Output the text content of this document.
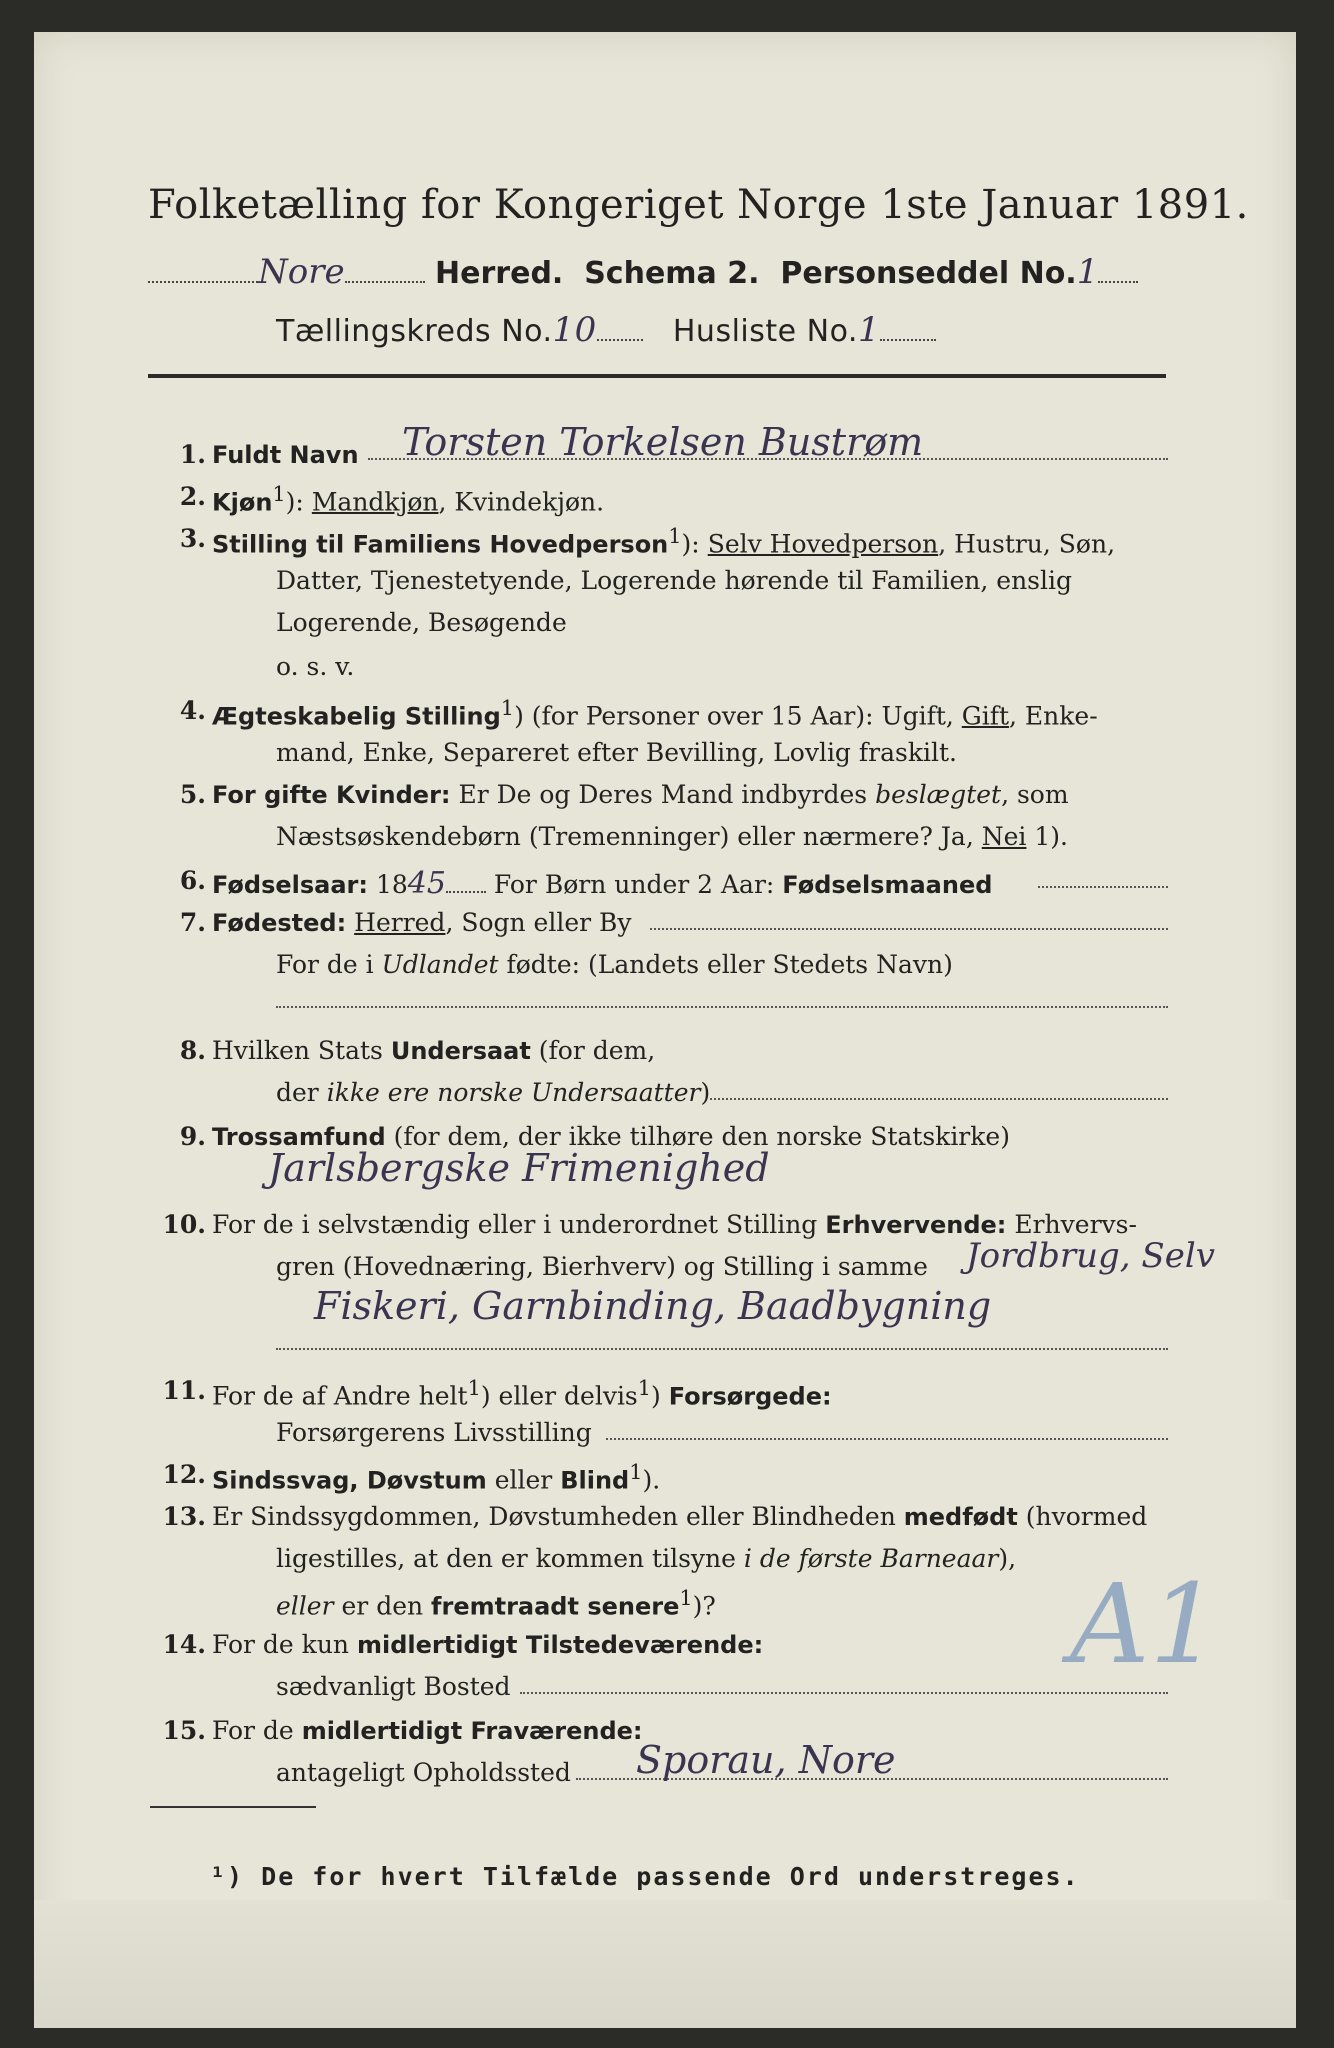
Folketælling for Kongeriget Norge 1ste Januar 1891.
Nore	Herred. Schema 2. Personseddel No.1
Tællingskreds No.10	Husliste No.1
1. Fuldt Navn Torsten Torkelsen Bustrøm
2. Kjøn$^1$): Mandkjøn, Kvindekjøn.
3. Stilling til Familiens Hovedperson$^1$): Selv Hovedperson, Hustru, Søn,
Datter, Tjenestetyende, Logerende hørende til Familien, enslig
Logerende, Besøgende
o. s. v.
4. Ægteskabelig Stilling$^1$) (for Personer over 15 Aar): Ugift, Gift, Enke-
mand, Enke, Separeret efter Bevilling, Lovlig fraskilt.
5. For gifte Kvinder: Er De og Deres Mand indbyrdes beslægtet, som
Næstsøskendebørn (Tremenninger) eller nærmere? Ja, Nei 1).
6. Fødselsaar: 1845 For Børn under 2 Aar: Fødselsmaaned
7. Fødested: Herred, Sogn eller By
For de i Udlandet fødte: (Landets eller Stedets Navn)
8. Hvilken Stats Undersaat (for dem,
der ikke ere norske Undersaatter)
9. Trossamfund (for dem, der ikke tilhøre den norske Statskirke)
Jarlsbergske Frimenighed
10. For de i selvstændig eller i underordnet Stilling Erhvervende: Erhvervs-
gren (Hovednæring, Bierhverv) og Stilling i samme Jordbrug, Selv
Fiskeri, Garnbinding, Baadbygning
11. For de af Andre helt$^1$) eller delvis$^1$) Forsørgede:
Forsørgerens Livsstilling
12. Sindssvag, Døvstum eller Blind$^1$).
13. Er Sindssygdommen, Døvstumheden eller Blindheden medfødt (hvormed
ligestilles, at den er kommen tilsyne i de første Barneaar),
eller er den fremtraadt senere$^1$)?
14. For de kun midlertidigt Tilstedeværende:
sædvanligt Bosted
15. For de midlertidigt Fraværende:
antageligt Opholdssted Sporau, Nore
A1
¹) De for hvert Tilfælde passende Ord understreges.
